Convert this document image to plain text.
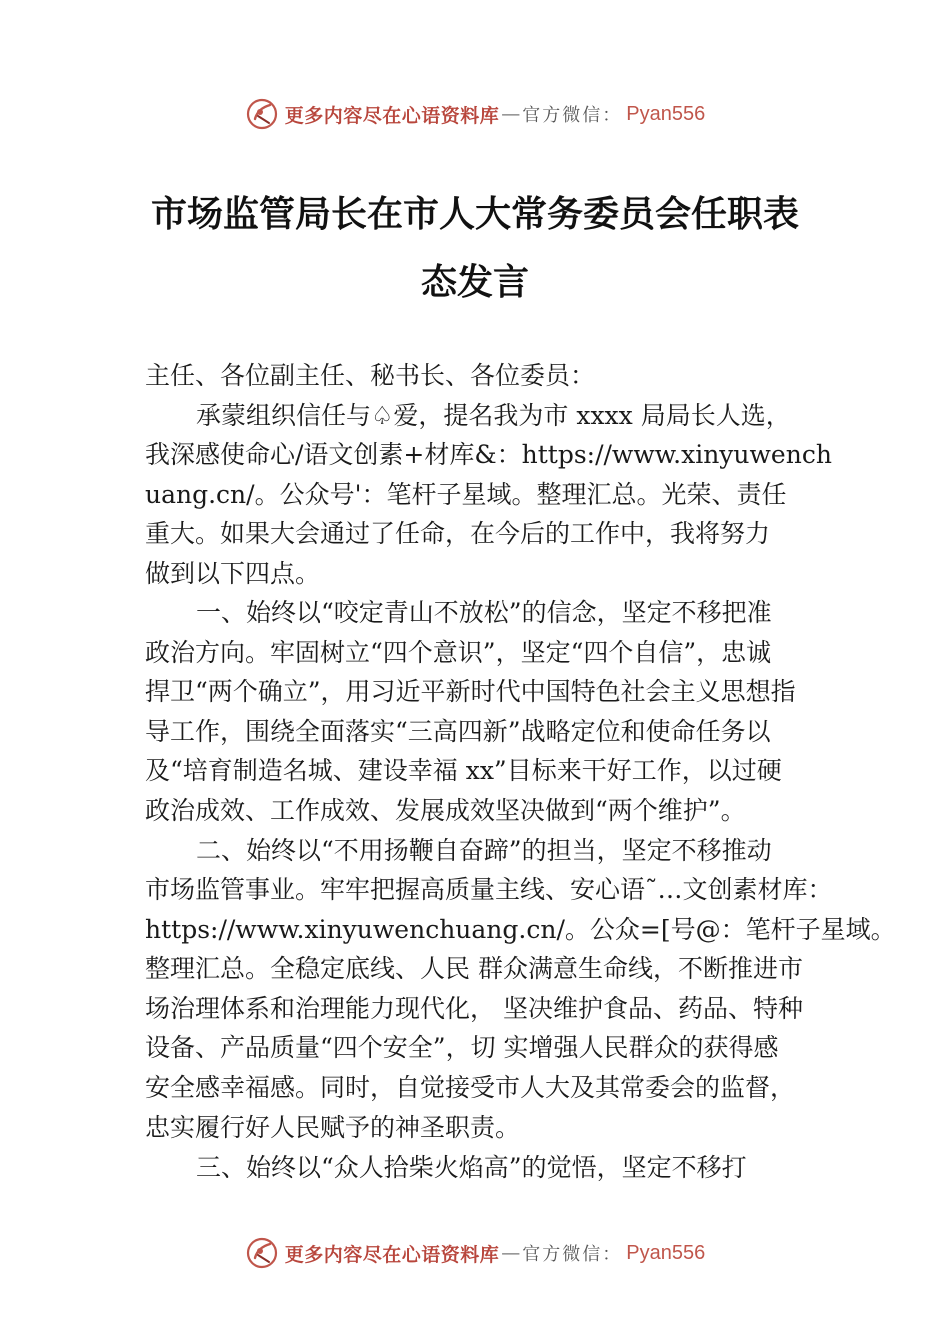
更多内容尽在心语资料库 — 官方微信： Pyan556
市场监管局长在市人大常务委员会任职表
态发言
主任、各位副主任、秘书长、各位委员：
承蒙组织信任与♤爱，提名我为市 xxxx 局局长人选，
我深感使命心/语文创素+材库&：https://www.xinyuwench
uang.cn/。公众号'：笔杆子星域。整理汇总。光荣、责任
重大。如果大会通过了任命，在今后的工作中，我将努力
做到以下四点。
一、始终以“咬定青山不放松”的信念，坚定不移把准
政治方向。牢固树立“四个意识”，坚定“四个自信”，忠诚
捍卫“两个确立”，用习近平新时代中国特色社会主义思想指
导工作，围绕全面落实“三高四新”战略定位和使命任务以
及“培育制造名城、建设幸福 xx”目标来干好工作，以过硬
政治成效、工作成效、发展成效坚决做到“两个维护”。
二、始终以“不用扬鞭自奋蹄”的担当，坚定不移推动
市场监管事业。牢牢把握高质量主线、安心语˜…文创素材库：
https://www.xinyuwenchuang.cn/。公众=[号@：笔杆子星域。
整理汇总。全稳定底线、人民 群众满意生命线，不断推进市
场治理体系和治理能力现代化， 坚决维护食品、药品、特种
设备、产品质量“四个安全”，切 实增强人民群众的获得感
安全感幸福感。同时，自觉接受市人大及其常委会的监督，
忠实履行好人民赋予的神圣职责。
三、始终以“众人拾柴火焰高”的觉悟，坚定不移打
更多内容尽在心语资料库 — 官方微信： Pyan556
